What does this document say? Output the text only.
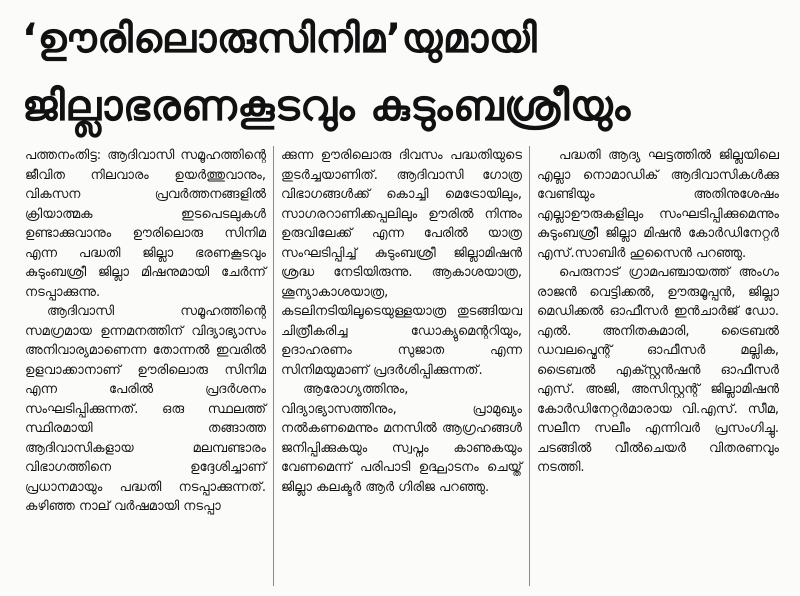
‘ഊരിലൊരുസിനിമ’യുമായി
ജില്ലാഭരണകൂടവും കുടുംബശ്രീയും

പത്തനംതിട്ട: ആദിവാസി സമൂഹത്തിന്റെ ജീവിത നിലവാരം ഉയര്‍ത്തുവാനും, വികസന പ്രവര്‍ത്തനങ്ങളില്‍ ക്രിയാത്മക ഇടപെടലുകള്‍ ഉണ്ടാക്കുവാനും ഊരിലൊരു സിനിമ എന്ന പദ്ധതി ജില്ലാ ഭരണകൂടവും കുടുംബശ്രീ ജില്ലാ മിഷനുമായി ചേര്‍ന്ന് നടപ്പാക്കുന്നു.

ആദിവാസി സമൂഹത്തിന്റെ സമഗ്രമായ ഉന്നമനത്തിന് വിദ്യാഭ്യാസം അനിവാര്യമാണെന്ന തോന്നല്‍ ഇവരില്‍ ഉളവാക്കാനാണ് ഊരിലൊരു സിനിമ എന്ന പേരില്‍ പ്രദര്‍ശനം സംഘടിപ്പിക്കുന്നത്. ഒരു സ്ഥലത്ത് സ്ഥിരമായി തങ്ങാത്ത ആദിവാസികളായ മലമ്പണ്ടാരം വിഭാഗത്തിനെ ഉദ്ദേശിച്ചാണ് പ്രധാനമായും പദ്ധതി നടപ്പാക്കുന്നത്. കഴിഞ്ഞ നാല് വര്‍ഷമായി നടപ്പാ

ക്കുന്ന ഊരിലൊരു ദിവസം പദ്ധതിയുടെ തുടര്‍ച്ചയാണിത്. ആദിവാസി ഗോത്ര വിഭാഗങ്ങള്‍ക്ക് കൊച്ചി മെട്രോയിലും, സാഗരറാണിക്കപ്പലിലും ഊരില്‍ നിന്നും ഉരുവിലേക്ക് എന്ന പേരില്‍ യാത്ര സംഘടിപ്പിച്ച് കുടുംബശ്രീ ജില്ലാമിഷന്‍ ശ്രദ്ധ നേടിയിരുന്നു. ആകാശയാത്ര, ശൂന്യാകാശയാത്ര, കടലിനടിയിലൂടെയുള്ളയാത്ര തുടങ്ങിയവ ചിത്രീകരിച്ച ഡോക്യുമെന്ററിയും, ഉദാഹരണം സുജാത എന്ന സിനിമയുമാണ് പ്രദര്‍ശിപ്പിക്കുന്നത്.

ആരോഗ്യത്തിനും, വിദ്യാഭ്യാസത്തിനും, പ്രാമുഖ്യം നല്‍കണമെന്നും മനസില്‍ ആഗ്രഹങ്ങള്‍ ജനിപ്പിക്കുകയും സ്വപ്നം കാണുകയും വേണമെന്ന് പരിപാടി ഉദ്ഘാടനം ചെയ്ത് ജില്ലാ കലക്ടര്‍ ആര്‍ ഗിരിജ പറഞ്ഞു.

പദ്ധതി ആദ്യ ഘട്ടത്തില്‍ ജില്ലയിലെ എല്ലാ നൊമാഡിക് ആദിവാസികള്‍ക്കു വേണ്ടിയും അതിനുശേഷം എല്ലാഊരുകളിലും സംഘടിപ്പിക്കുമെന്നും കുടുംബശ്രീ ജില്ലാ മിഷന്‍ കോര്‍ഡിനേറ്റര്‍ എസ്.സാബിര്‍ ഹുസൈന്‍ പറഞ്ഞു.

പെരുനാട് ഗ്രാമപഞ്ചായത്ത് അംഗം രാജന്‍ വെട്ടിക്കല്‍, ഊരുമൂപ്പന്‍, ജില്ലാ മെഡിക്കല്‍ ഓഫീസര്‍ ഇന്‍ചാര്‍ജ് ഡോ. എല്‍. അനിതകുമാരി, ട്രൈബല്‍ ഡവലപ്മെന്റ് ഓഫീസര്‍ മല്ലിക, ട്രൈബല്‍ എക്സ്റ്റന്‍ഷന്‍ ഓഫീസര്‍ എസ്. അജി, അസിസ്റ്റന്റ് ജില്ലാമിഷന്‍ കോര്‍ഡിനേറ്റര്‍മാരായ വി.എസ്. സീമ, സലീന സലീം എന്നിവര്‍ പ്രസംഗിച്ചു. ചടങ്ങില്‍ വീല്‍ചെയര്‍ വിതരണവും നടത്തി.
